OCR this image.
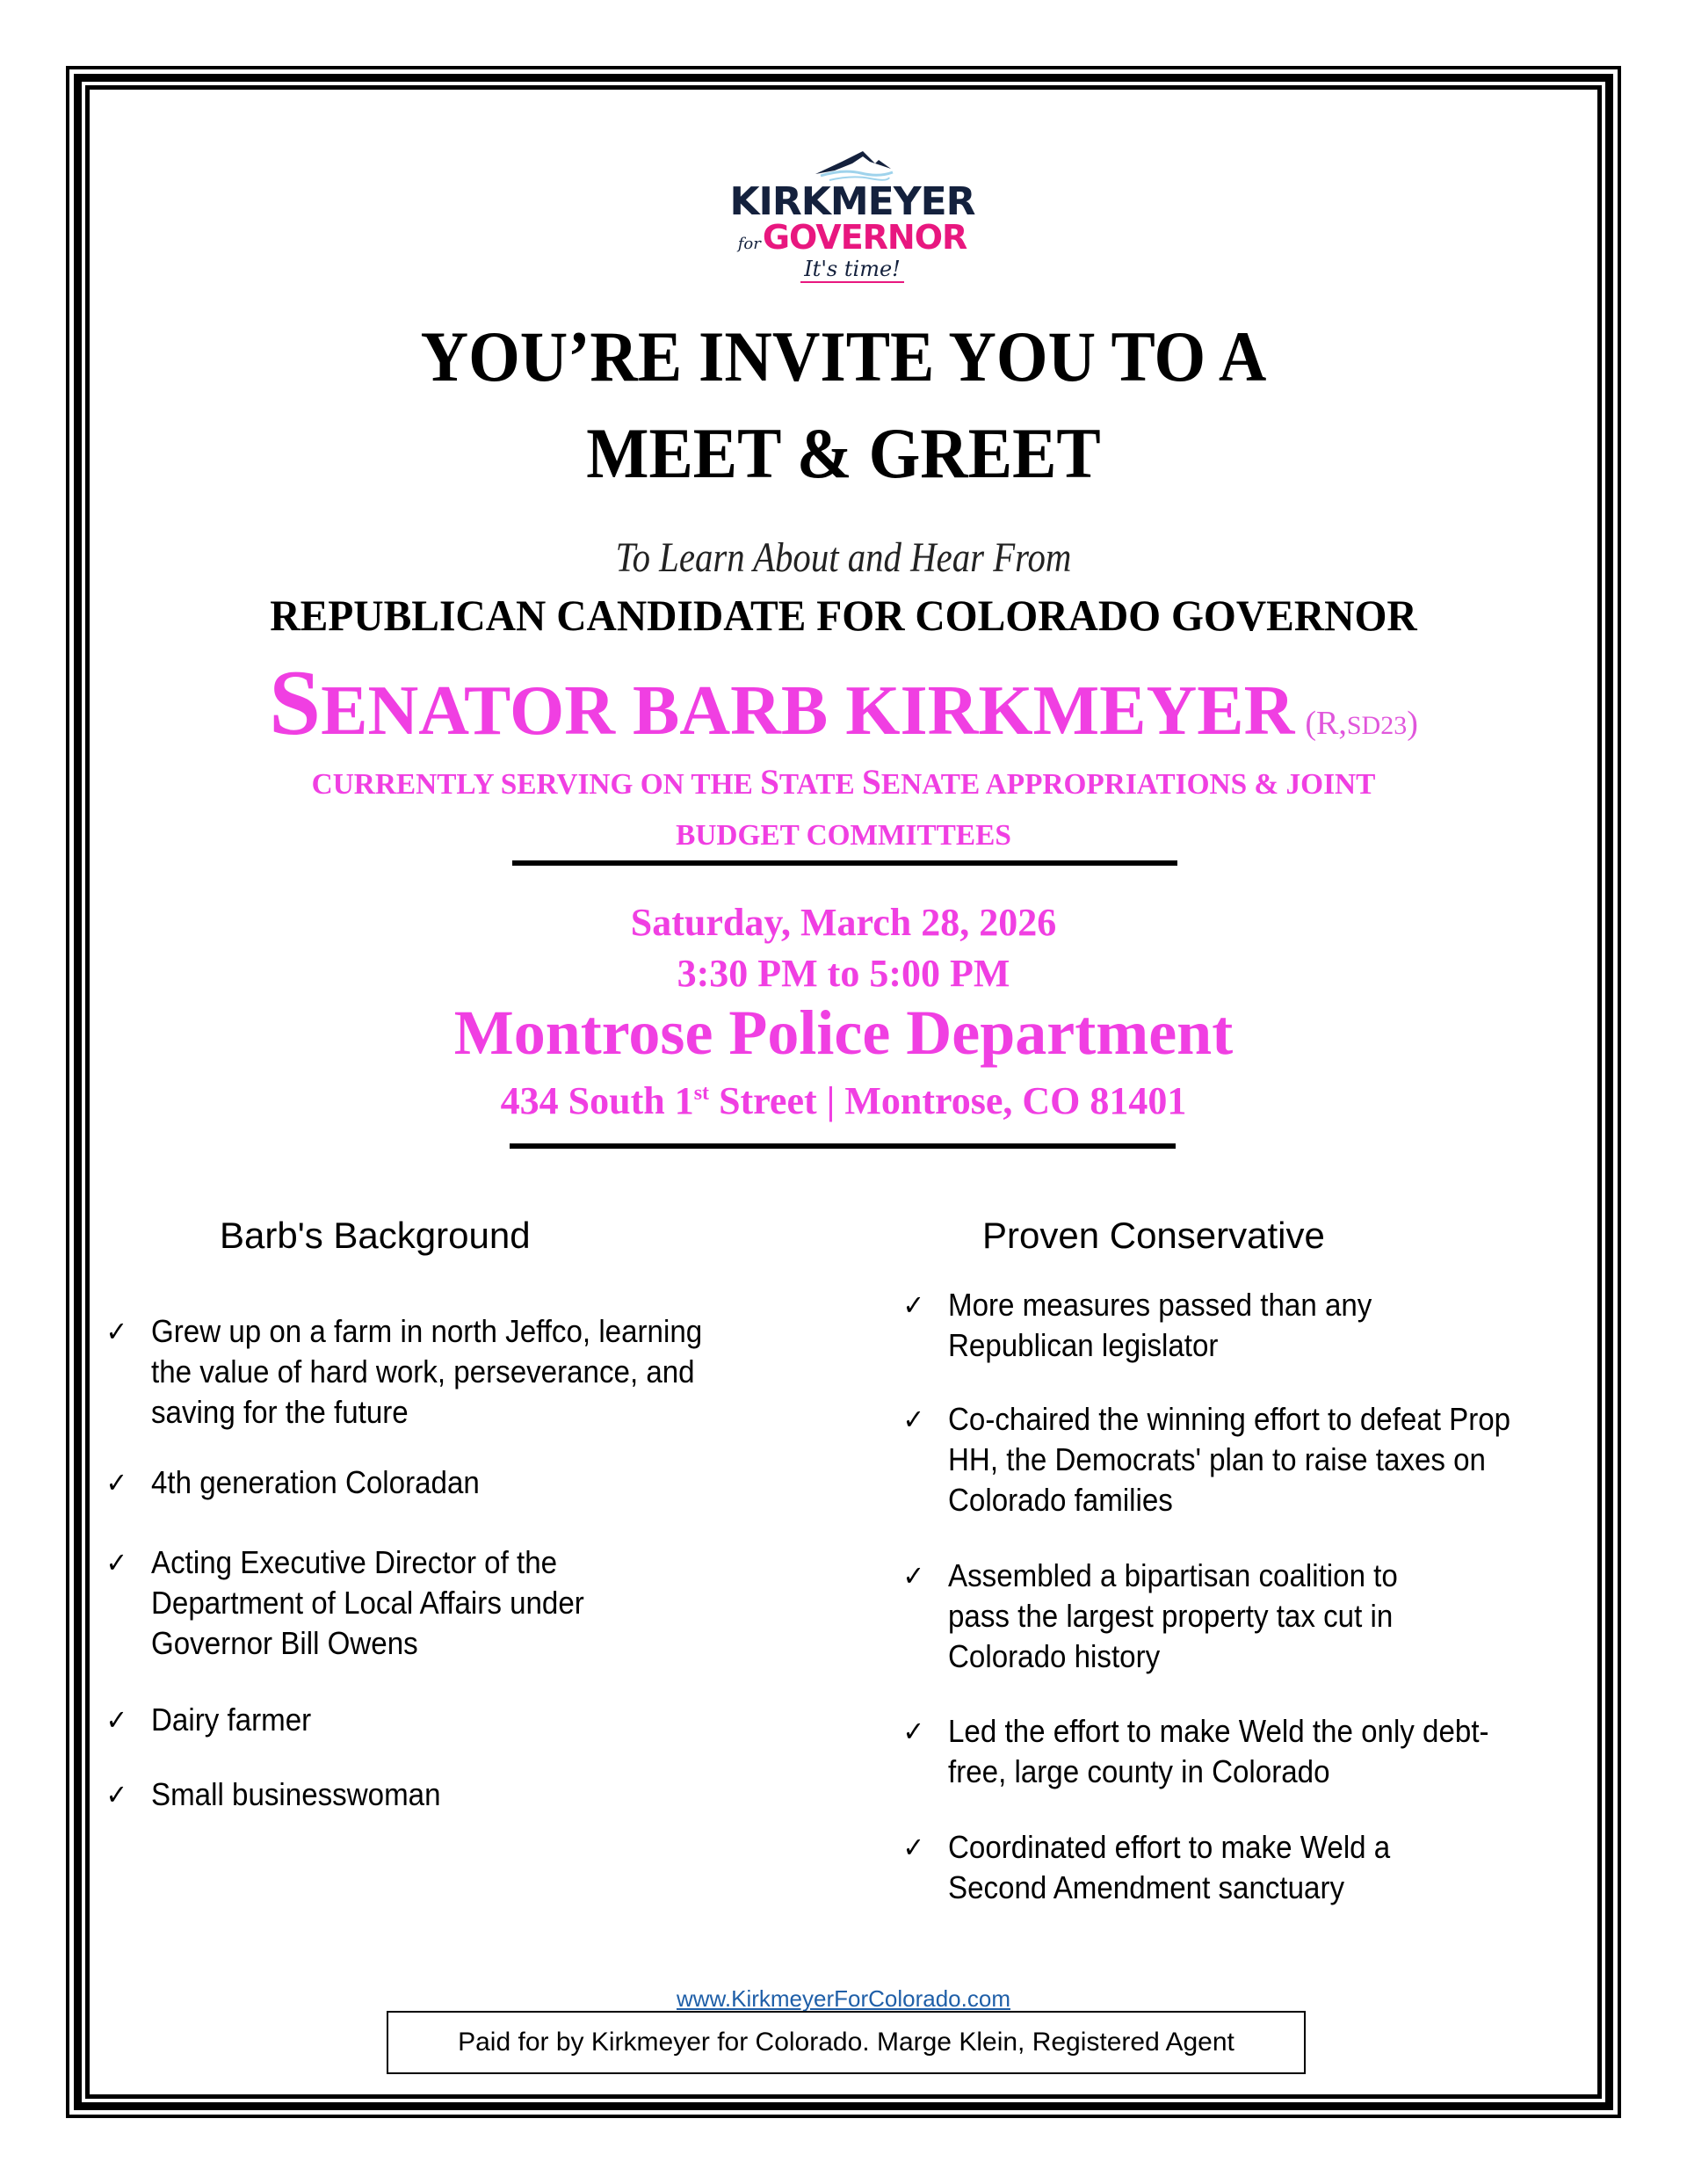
KIRKMEYER
forGOVERNOR
It's time!
YOU’RE INVITE YOU TO A
MEET & GREET
To Learn About and Hear From
REPUBLICAN CANDIDATE FOR COLORADO GOVERNOR
SENATOR BARB KIRKMEYER (R,SD23)
CURRENTLY SERVING ON THE STATE SENATE APPROPRIATIONS & JOINT
BUDGET COMMITTEES
Saturday, March 28, 2026
3:30 PM to 5:00 PM
Montrose Police Department
434 South 1st Street | Montrose, CO 81401
Barb's Background	Proven Conservative
✓ Grew up on a farm in north Jeffco, learning the value of hard work, perseverance, and saving for the future
✓ 4th generation Coloradan
✓ Acting Executive Director of the Department of Local Affairs under Governor Bill Owens
✓ Dairy farmer
✓ Small businesswoman
✓ More measures passed than any Republican legislator
✓ Co-chaired the winning effort to defeat Prop HH, the Democrats' plan to raise taxes on Colorado families
✓ Assembled a bipartisan coalition to pass the largest property tax cut in Colorado history
✓ Led the effort to make Weld the only debt-free, large county in Colorado
✓ Coordinated effort to make Weld a Second Amendment sanctuary
www.KirkmeyerForColorado.com
Paid for by Kirkmeyer for Colorado. Marge Klein, Registered Agent
